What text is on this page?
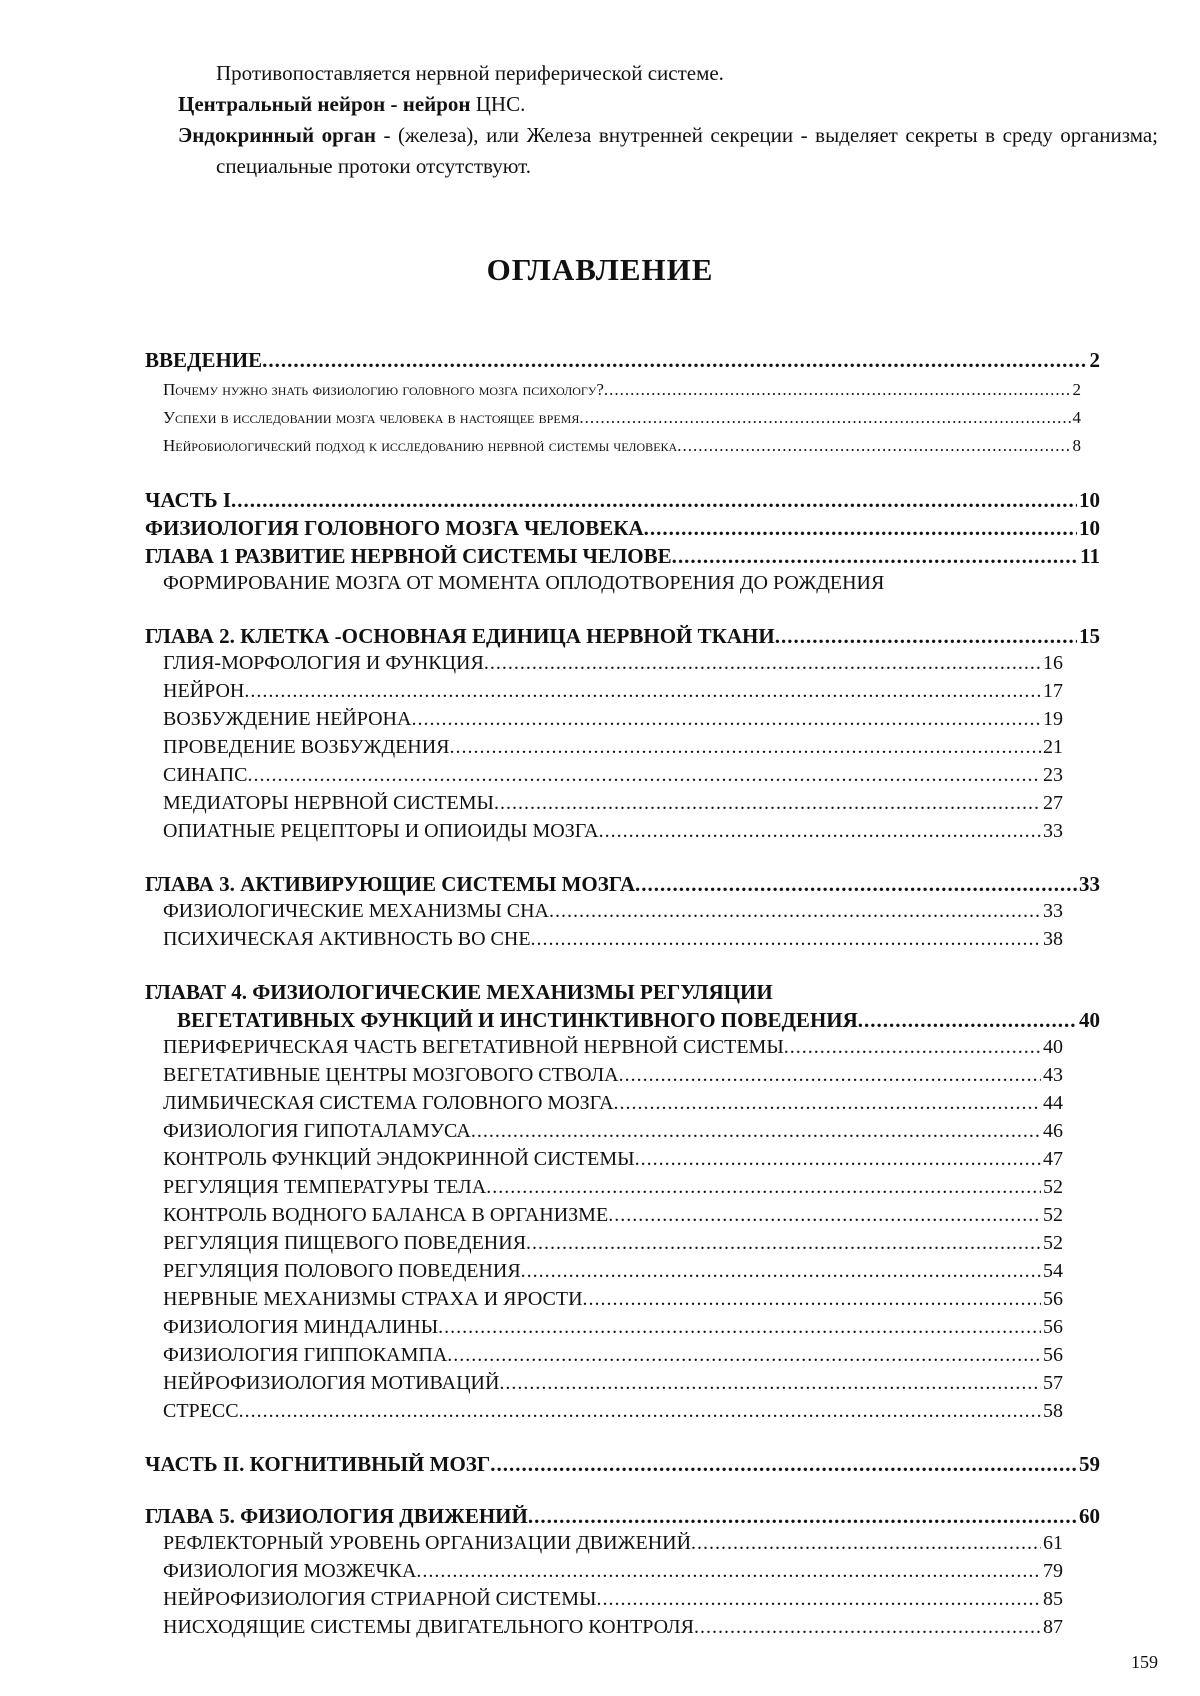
Противопоставляется нервной периферической системе.

Центральный нейрон - нейрон ЦНС.

Эндокринный орган - (железа), или Железа внутренней секреции - выделяет секреты в среду организма; специальные протоки отсутствуют.

ОГЛАВЛЕНИЕ
ВВЕДЕНИЕ
.....	2
Почему нужно знать физиологию головного мозга психологу?
.....	2
Успехи в исследовании мозга человека в настоящее время
.....	4
Нейробиологический подход к исследованию нервной системы человека
.....	8
ЧАСТЬ I
.....	10
ФИЗИОЛОГИЯ ГОЛОВНОГО МОЗГА ЧЕЛОВЕКА
.....	10
ГЛАВА 1 РАЗВИТИЕ НЕРВНОЙ СИСТЕМЫ ЧЕЛОВЕ
.....	11
ФОРМИРОВАНИЕ МОЗГА ОТ МОМЕНТА ОПЛОДОТВОРЕНИЯ ДО РОЖДЕНИЯ
ГЛАВА 2. КЛЕТКА -ОСНОВНАЯ ЕДИНИЦА НЕРВНОЙ ТКАНИ
.....	15
ГЛИЯ-МОРФОЛОГИЯ И ФУНКЦИЯ
.....	16
НЕЙРОН
.....	17
ВОЗБУЖДЕНИЕ НЕЙРОНА
.....	19
ПРОВЕДЕНИЕ ВОЗБУЖДЕНИЯ
.....	21
СИНАПС
.....	23
МЕДИАТОРЫ НЕРВНОЙ СИСТЕМЫ
.....	27
ОПИАТНЫЕ РЕЦЕПТОРЫ И ОПИОИДЫ МОЗГА
.....	33
ГЛАВА 3. АКТИВИРУЮЩИЕ СИСТЕМЫ МОЗГА
.....	33
ФИЗИОЛОГИЧЕСКИЕ МЕХАНИЗМЫ СНА
.....	33
ПСИХИЧЕСКАЯ АКТИВНОСТЬ ВО СНЕ
.....	38
ГЛАВАТ 4. ФИЗИОЛОГИЧЕСКИЕ МЕХАНИЗМЫ РЕГУЛЯЦИИ
ВЕГЕТАТИВНЫХ ФУНКЦИЙ И ИНСТИНКТИВНОГО ПОВЕДЕНИЯ
.....	40
ПЕРИФЕРИЧЕСКАЯ ЧАСТЬ ВЕГЕТАТИВНОЙ НЕРВНОЙ СИСТЕМЫ
.....	40
ВЕГЕТАТИВНЫЕ ЦЕНТРЫ МОЗГОВОГО СТВОЛА
.....	43
ЛИМБИЧЕСКАЯ СИСТЕМА ГОЛОВНОГО МОЗГА
.....	44
ФИЗИОЛОГИЯ ГИПОТАЛАМУСА
.....	46
КОНТРОЛЬ ФУНКЦИЙ ЭНДОКРИННОЙ СИСТЕМЫ
.....	47
РЕГУЛЯЦИЯ ТЕМПЕРАТУРЫ ТЕЛА
.....	52
КОНТРОЛЬ ВОДНОГО БАЛАНСА В ОРГАНИЗМЕ
.....	52
РЕГУЛЯЦИЯ ПИЩЕВОГО ПОВЕДЕНИЯ
.....	52
РЕГУЛЯЦИЯ ПОЛОВОГО ПОВЕДЕНИЯ
.....	54
НЕРВНЫЕ МЕХАНИЗМЫ СТРАХА И ЯРОСТИ
.....	56
ФИЗИОЛОГИЯ МИНДАЛИНЫ
.....	56
ФИЗИОЛОГИЯ ГИППОКАМПА
.....	56
НЕЙРОФИЗИОЛОГИЯ МОТИВАЦИЙ
.....	57
СТРЕСС
.....	58
ЧАСТЬ II. КОГНИТИВНЫЙ МОЗГ
.....	59
ГЛАВА 5. ФИЗИОЛОГИЯ ДВИЖЕНИЙ
.....	60
РЕФЛЕКТОРНЫЙ УРОВЕНЬ ОРГАНИЗАЦИИ ДВИЖЕНИЙ
.....	61
ФИЗИОЛОГИЯ МОЗЖЕЧКА
.....	79
НЕЙРОФИЗИОЛОГИЯ СТРИАРНОЙ СИСТЕМЫ
.....	85
НИСХОДЯЩИЕ СИСТЕМЫ ДВИГАТЕЛЬНОГО КОНТРОЛЯ
.....	87
159
